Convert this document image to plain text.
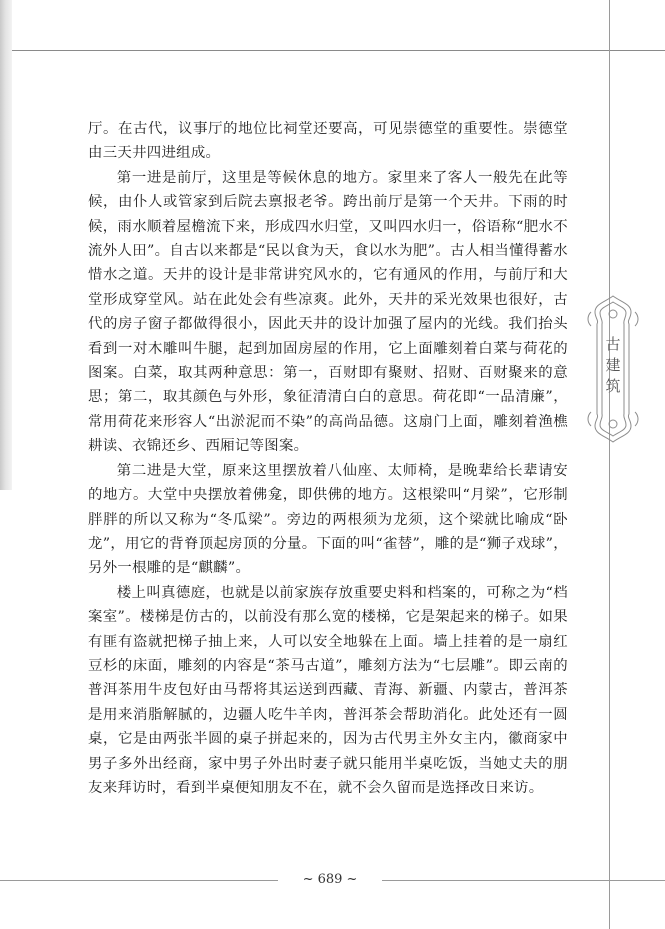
古建筑

厅。在古代，议事厅的地位比祠堂还要高，可见崇德堂的重要性。崇德堂由三天井四进组成。

第一进是前厅，这里是等候休息的地方。家里来了客人一般先在此等候，由仆人或管家到后院去禀报老爷。跨出前厅是第一个天井。下雨的时候，雨水顺着屋檐流下来，形成四水归堂，又叫四水归一，俗语称“肥水不流外人田”。自古以来都是“民以食为天，食以水为肥”。古人相当懂得蓄水惜水之道。天井的设计是非常讲究风水的，它有通风的作用，与前厅和大堂形成穿堂风。站在此处会有些凉爽。此外，天井的采光效果也很好，古代的房子窗子都做得很小，因此天井的设计加强了屋内的光线。我们抬头看到一对木雕叫牛腿，起到加固房屋的作用，它上面雕刻着白菜与荷花的图案。白菜，取其两种意思：第一，百财即有聚财、招财、百财聚来的意思；第二，取其颜色与外形，象征清清白白的意思。荷花即“一品清廉”，常用荷花来形容人“出淤泥而不染”的高尚品德。这扇门上面，雕刻着渔樵耕读、衣锦还乡、西厢记等图案。

第二进是大堂，原来这里摆放着八仙座、太师椅，是晚辈给长辈请安的地方。大堂中央摆放着佛龛，即供佛的地方。这根梁叫“月梁”，它形制胖胖的所以又称为“冬瓜梁”。旁边的两根须为龙须，这个梁就比喻成“卧龙”，用它的背脊顶起房顶的分量。下面的叫“雀替”，雕的是“狮子戏球”，另外一根雕的是“麒麟”。

楼上叫真德庭，也就是以前家族存放重要史料和档案的，可称之为“档案室”。楼梯是仿古的，以前没有那么宽的楼梯，它是架起来的梯子。如果有匪有盗就把梯子抽上来，人可以安全地躲在上面。墙上挂着的是一扇红豆杉的床面，雕刻的内容是“茶马古道”，雕刻方法为“七层雕”。即云南的普洱茶用牛皮包好由马帮将其运送到西藏、青海、新疆、内蒙古，普洱茶是用来消脂解腻的，边疆人吃牛羊肉，普洱茶会帮助消化。此处还有一圆桌，它是由两张半圆的桌子拼起来的，因为古代男主外女主内，徽商家中男子多外出经商，家中男子外出时妻子就只能用半桌吃饭，当她丈夫的朋友来拜访时，看到半桌便知朋友不在，就不会久留而是选择改日来访。

~ 689 ~
